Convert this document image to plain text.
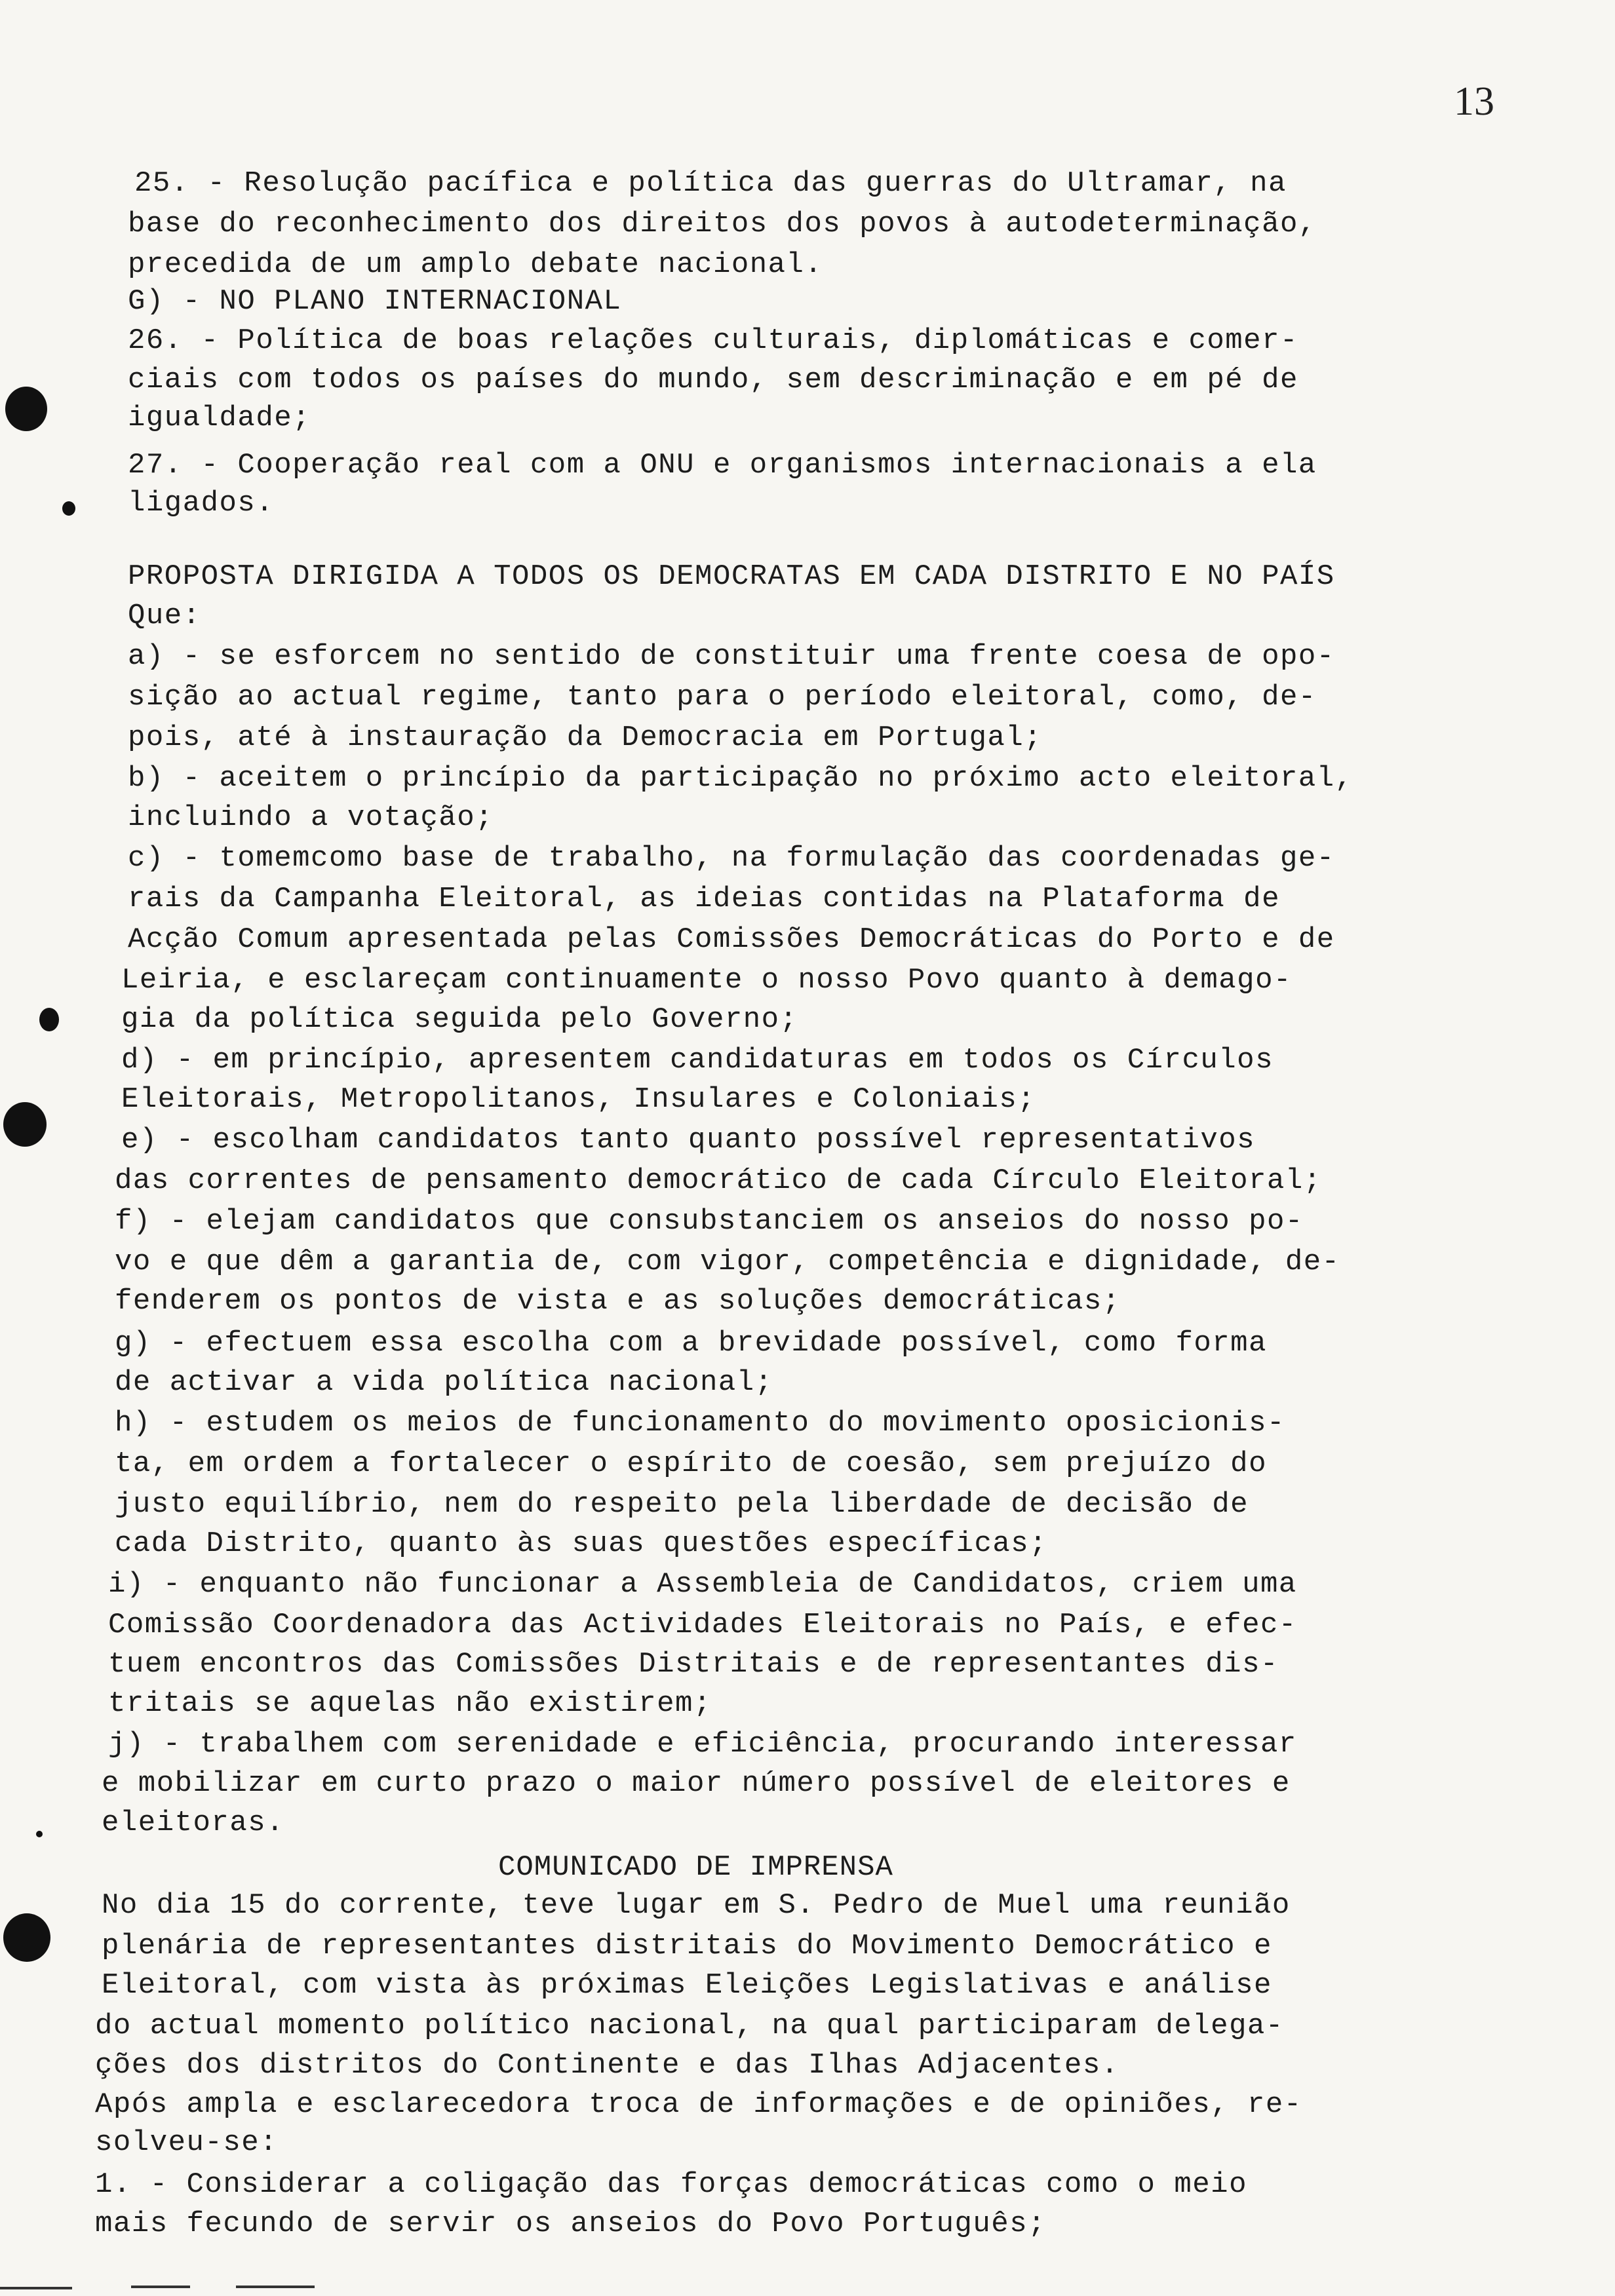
13
25. - Resolução pacífica e política das guerras do Ultramar, na
base do reconhecimento dos direitos dos povos à autodeterminação,
precedida de um amplo debate nacional.
G) - NO PLANO INTERNACIONAL
26. - Política de boas relações culturais, diplomáticas e comer-
ciais com todos os países do mundo, sem descriminação e em pé de
igualdade;
27. - Cooperação real com a ONU e organismos internacionais a ela
ligados.
PROPOSTA DIRIGIDA A TODOS OS DEMOCRATAS EM CADA DISTRITO E NO PAÍS
Que:
a) - se esforcem no sentido de constituir uma frente coesa de opo-
sição ao actual regime, tanto para o período eleitoral, como, de-
pois, até à instauração da Democracia em Portugal;
b) - aceitem o princípio da participação no próximo acto eleitoral,
incluindo a votação;
c) - tomemcomo base de trabalho, na formulação das coordenadas ge-
rais da Campanha Eleitoral, as ideias contidas na Plataforma de
Acção Comum apresentada pelas Comissões Democráticas do Porto e de
Leiria, e esclareçam continuamente o nosso Povo quanto à demago-
gia da política seguida pelo Governo;
d) - em princípio, apresentem candidaturas em todos os Círculos
Eleitorais, Metropolitanos, Insulares e Coloniais;
e) - escolham candidatos tanto quanto possível representativos
das correntes de pensamento democrático de cada Círculo Eleitoral;
f) - elejam candidatos que consubstanciem os anseios do nosso po-
vo e que dêm a garantia de, com vigor, competência e dignidade, de-
fenderem os pontos de vista e as soluções democráticas;
g) - efectuem essa escolha com a brevidade possível, como forma
de activar a vida política nacional;
h) - estudem os meios de funcionamento do movimento oposicionis-
ta, em ordem a fortalecer o espírito de coesão, sem prejuízo do
justo equilíbrio, nem do respeito pela liberdade de decisão de
cada Distrito, quanto às suas questões específicas;
i) - enquanto não funcionar a Assembleia de Candidatos, criem uma
Comissão Coordenadora das Actividades Eleitorais no País, e efec-
tuem encontros das Comissões Distritais e de representantes dis-
tritais se aquelas não existirem;
j) - trabalhem com serenidade e eficiência, procurando interessar
e mobilizar em curto prazo o maior número possível de eleitores e
eleitoras.
COMUNICADO DE IMPRENSA
No dia 15 do corrente, teve lugar em S. Pedro de Muel uma reunião
plenária de representantes distritais do Movimento Democrático e
Eleitoral, com vista às próximas Eleições Legislativas e análise
do actual momento político nacional, na qual participaram delega-
ções dos distritos do Continente e das Ilhas Adjacentes.
Após ampla e esclarecedora troca de informações e de opiniões, re-
solveu-se:
1. - Considerar a coligação das forças democráticas como o meio
mais fecundo de servir os anseios do Povo Português;
